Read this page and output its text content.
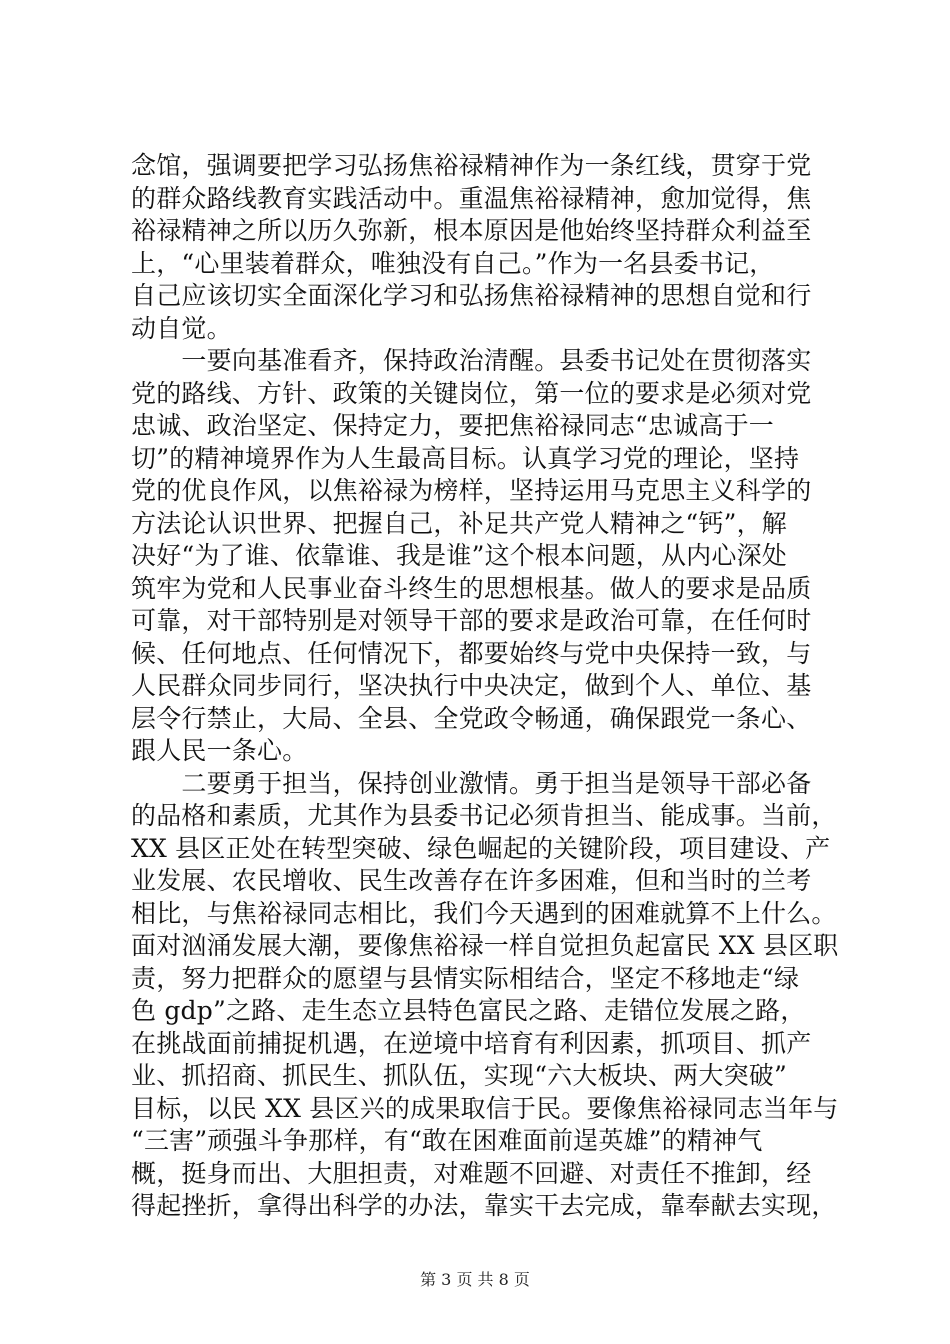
念馆，强调要把学习弘扬焦裕禄精神作为一条红线，贯穿于党
的群众路线教育实践活动中。重温焦裕禄精神，愈加觉得，焦
裕禄精神之所以历久弥新，根本原因是他始终坚持群众利益至
上，“心里装着群众，唯独没有自己。”作为一名县委书记，
自己应该切实全面深化学习和弘扬焦裕禄精神的思想自觉和行
动自觉。
　　一要向基准看齐，保持政治清醒。县委书记处在贯彻落实
党的路线、方针、政策的关键岗位，第一位的要求是必须对党
忠诚、政治坚定、保持定力，要把焦裕禄同志“忠诚高于一
切”的精神境界作为人生最高目标。认真学习党的理论，坚持
党的优良作风，以焦裕禄为榜样，坚持运用马克思主义科学的
方法论认识世界、把握自己，补足共产党人精神之“钙”，解
决好“为了谁、依靠谁、我是谁”这个根本问题，从内心深处
筑牢为党和人民事业奋斗终生的思想根基。做人的要求是品质
可靠，对干部特别是对领导干部的要求是政治可靠，在任何时
候、任何地点、任何情况下，都要始终与党中央保持一致，与
人民群众同步同行，坚决执行中央决定，做到个人、单位、基
层令行禁止，大局、全县、全党政令畅通，确保跟党一条心、
跟人民一条心。
　　二要勇于担当，保持创业激情。勇于担当是领导干部必备
的品格和素质，尤其作为县委书记必须肯担当、能成事。当前，
XX 县区正处在转型突破、绿色崛起的关键阶段，项目建设、产
业发展、农民增收、民生改善存在许多困难，但和当时的兰考
相比，与焦裕禄同志相比，我们今天遇到的困难就算不上什么。
面对汹涌发展大潮，要像焦裕禄一样自觉担负起富民 XX 县区职
责，努力把群众的愿望与县情实际相结合，坚定不移地走“绿
色 gdp”之路、走生态立县特色富民之路、走错位发展之路，
在挑战面前捕捉机遇，在逆境中培育有利因素，抓项目、抓产
业、抓招商、抓民生、抓队伍，实现“六大板块、两大突破”
目标，以民 XX 县区兴的成果取信于民。要像焦裕禄同志当年与
“三害”顽强斗争那样，有“敢在困难面前逞英雄”的精神气
概，挺身而出、大胆担责，对难题不回避、对责任不推卸，经
得起挫折，拿得出科学的办法，靠实干去完成，靠奉献去实现，
第 3 页 共 8 页
